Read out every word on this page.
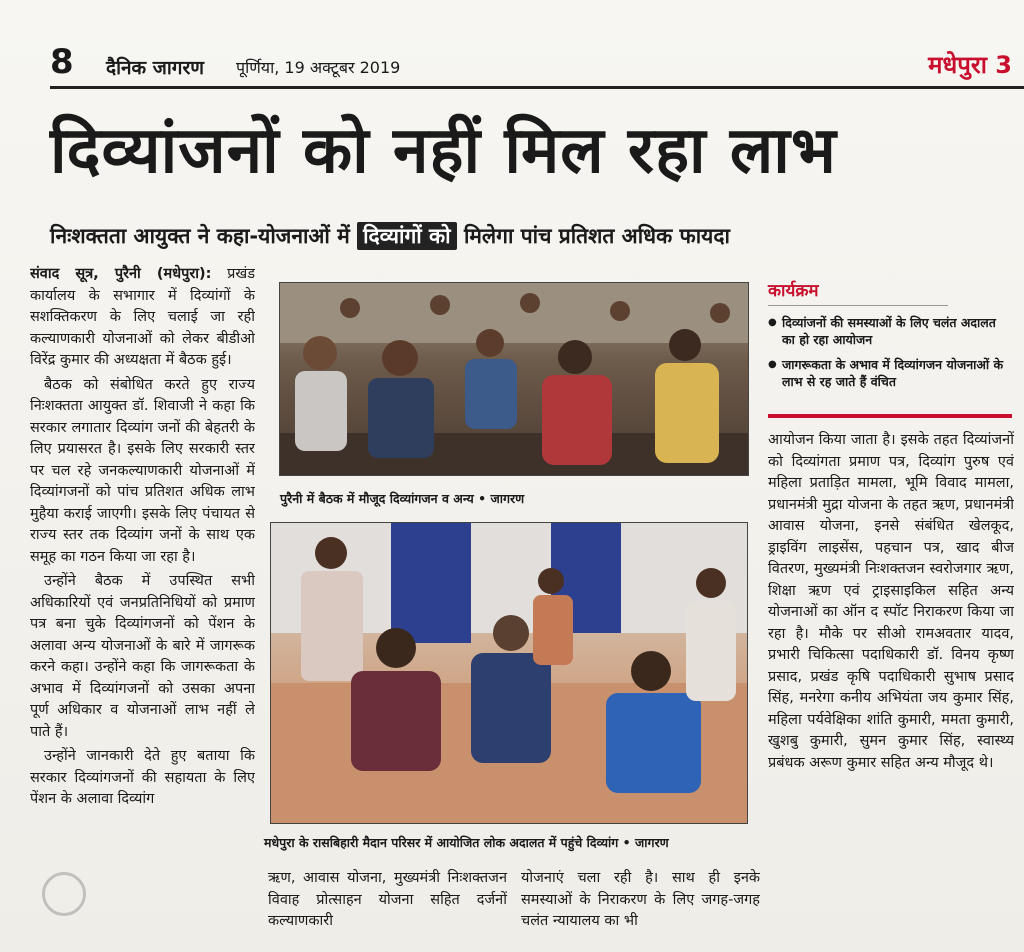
8 दैनिक जागरण पूर्णिया, 19 अक्टूबर 2019	मधेपुरा 3
दिव्यांजनों को नहीं मिल रहा लाभ
निःशक्तता आयुक्त ने कहा-योजनाओं में दिव्यांगों को मिलेगा पांच प्रतिशत अधिक फायदा

संवाद सूत्र, पुरैनी (मधेपुरा): प्रखंड कार्यालय के सभागार में दिव्यांगों के सशक्तिकरण के लिए चलाई जा रही कल्याणकारी योजनाओं को लेकर बीडीओ विरेंद्र कुमार की अध्यक्षता में बैठक हुई।

बैठक को संबोधित करते हुए राज्य निःशक्तता आयुक्त डॉ. शिवाजी ने कहा कि सरकार लगातार दिव्यांग जनों की बेहतरी के लिए प्रयासरत है। इसके लिए सरकारी स्तर पर चल रहे जनकल्याणकारी योजनाओं में दिव्यांगजनों को पांच प्रतिशत अधिक लाभ मुहैया कराई जाएगी। इसके लिए पंचायत से राज्य स्तर तक दिव्यांग जनों के साथ एक समूह का गठन किया जा रहा है।

उन्होंने बैठक में उपस्थित सभी अधिकारियों एवं जनप्रतिनिधियों को प्रमाण पत्र बना चुके दिव्यांगजनों को पेंशन के अलावा अन्य योजनाओं के बारे में जागरूक करने कहा। उन्होंने कहा कि जागरूकता के अभाव में दिव्यांगजनों को उसका अपना पूर्ण अधिकार व योजनाओं लाभ नहीं ले पाते हैं।

उन्होंने जानकारी देते हुए बताया कि सरकार दिव्यांगजनों की सहायता के लिए पेंशन के अलावा दिव्यांग

पुरैनी में बैठक में मौजूद दिव्यांगजन व अन्य • जागरण
मधेपुरा के रासबिहारी मैदान परिसर में आयोजित लोक अदालत में पहुंचे दिव्यांग • जागरण
ऋण, आवास योजना, मुख्यमंत्री निःशक्तजन विवाह प्रोत्साहन योजना सहित दर्जनों कल्याणकारी
योजनाएं चला रही है। साथ ही इनके समस्याओं के निराकरण के लिए जगह-जगह चलंत न्यायालय का भी
कार्यक्रम
● दिव्यांजनों की समस्याओं के लिए चलंत अदालत का हो रहा आयोजन
● जागरूकता के अभाव में दिव्यांगजन योजनाओं के लाभ से रह जाते हैं वंचित

आयोजन किया जाता है। इसके तहत दिव्यांजनों को दिव्यांगता प्रमाण पत्र, दिव्यांग पुरुष एवं महिला प्रताड़ित मामला, भूमि विवाद मामला, प्रधानमंत्री मुद्रा योजना के तहत ऋण, प्रधानमंत्री आवास योजना, इनसे संबंधित खेलकूद, ड्राइविंग लाइसेंस, पहचान पत्र, खाद बीज वितरण, मुख्यमंत्री निःशक्तजन स्वरोजगार ऋण, शिक्षा ऋण एवं ट्राइसाइकिल सहित अन्य योजनाओं का ऑन द स्पॉट निराकरण किया जा रहा है। मौके पर सीओ रामअवतार यादव, प्रभारी चिकित्सा पदाधिकारी डॉ. विनय कृष्ण प्रसाद, प्रखंड कृषि पदाधिकारी सुभाष प्रसाद सिंह, मनरेगा कनीय अभियंता जय कुमार सिंह, महिला पर्यवेक्षिका शांति कुमारी, ममता कुमारी, खुशबु कुमारी, सुमन कुमार सिंह, स्वास्थ्य प्रबंधक अरूण कुमार सहित अन्य मौजूद थे।
